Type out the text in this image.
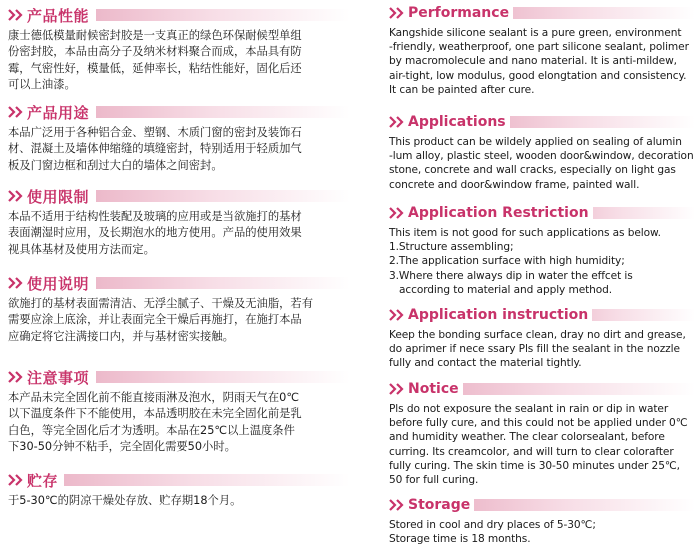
产品性能

康士德低模量耐候密封胶是一支真正的绿色环保耐候型单组
份密封胶，本品由高分子及纳米材料聚合而成，本品具有防
霉，气密性好，模量低，延伸率长，粘结性能好，固化后还
可以上油漆。

产品用途

本品广泛用于各种铝合金、塑钢、木质门窗的密封及装饰石
材、混凝土及墙体伸缩缝的填缝密封，特别适用于轻质加气
板及门窗边框和刮过大白的墙体之间密封。

使用限制

本品不适用于结构性装配及玻璃的应用或是当欲施打的基材
表面潮湿时应用，及长期泡水的地方使用。产品的使用效果
视具体基材及使用方法而定。

使用说明

欲施打的基材表面需清洁、无浮尘腻子、干燥及无油脂，若有
需要应涂上底涂，并让表面完全干燥后再施打，在施打本品
应确定将它注满接口内，并与基材密实接触。

注意事项

本产品未完全固化前不能直接雨淋及泡水，阴雨天气在0℃
以下温度条件下不能使用，本品透明胶在未完全固化前是乳
白色，等完全固化后才为透明。本品在25℃以上温度条件
下30-50分钟不粘手，完全固化需要50小时。

贮存

于5-30℃的阴凉干燥处存放、贮存期18个月。

Performance

Kangshide silicone sealant is a pure green, environment
-friendly, weatherproof, one part silicone sealant, polimer
by macromolecule and nano material. It is anti-mildew,
air-tight, low modulus, good elongtation and consistency.
It can be painted after cure.

Applications

This product can be wildely applied on sealing of alumin
-lum alloy, plastic steel, wooden door&window, decoration
stone, concrete and wall cracks, especially on light gas
concrete and door&window frame, painted wall.

Application Restriction

This item is not good for such applications as below.
1.Structure assembling;
2.The application surface with high humidity;
3.Where there always dip in water the effcet is
according to material and apply method.

Application instruction

Keep the bonding surface clean, dray no dirt and grease,
do aprimer if nece ssary Pls fill the sealant in the nozzle
fully and contact the material tightly.

Notice

Pls do not exposure the sealant in rain or dip in water
before fully cure, and this could not be applied under 0℃
and humidity weather. The clear colorsealant, before
curring. Its creamcolor, and will turn to clear colorafter
fully curing. The skin time is 30-50 minutes under 25℃,
50 for full curing.

Storage

Stored in cool and dry places of 5-30℃;
Storage time is 18 months.
